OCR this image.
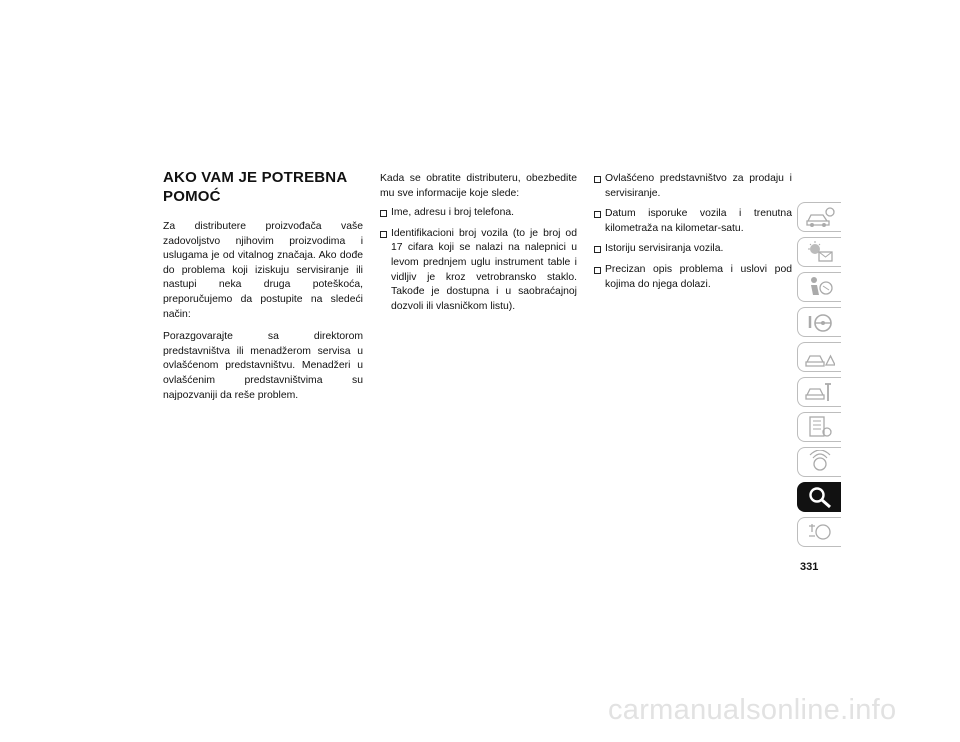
AKO VAM JE POTREBNA
POMOĆ

Za distributere proizvođača vaše zadovoljstvo njihovim proizvodima i uslugama je od vitalnog značaja. Ako dođe do problema koji iziskuju servisiranje ili nastupi neka druga poteškoća, preporučujemo da postupite na sledeći način:

Porazgovarajte sa direktorom predstavništva ili menadžerom servisa u ovlašćenom predstavništvu. Menadžeri u ovlašćenim predstavništvima su najpozvaniji da reše problem.

Kada se obratite distributeru, obezbedite mu sve informacije koje slede:

Ime, adresu i broj telefona.
Identifikacioni broj vozila (to je broj od 17 cifara koji se nalazi na nalepnici u levom prednjem uglu instrument table i vidljiv je kroz vetrobransko staklo. Takođe je dostupna i u saobraćajnoj dozvoli ili vlasničkom listu).
Ovlašćeno predstavništvo za prodaju i servisiranje.
Datum isporuke vozila i trenutna kilometraža na kilometar-satu.
Istoriju servisiranja vozila.
Precizan opis problema i uslovi pod kojima do njega dolazi.
331
carmanualsonline.info
